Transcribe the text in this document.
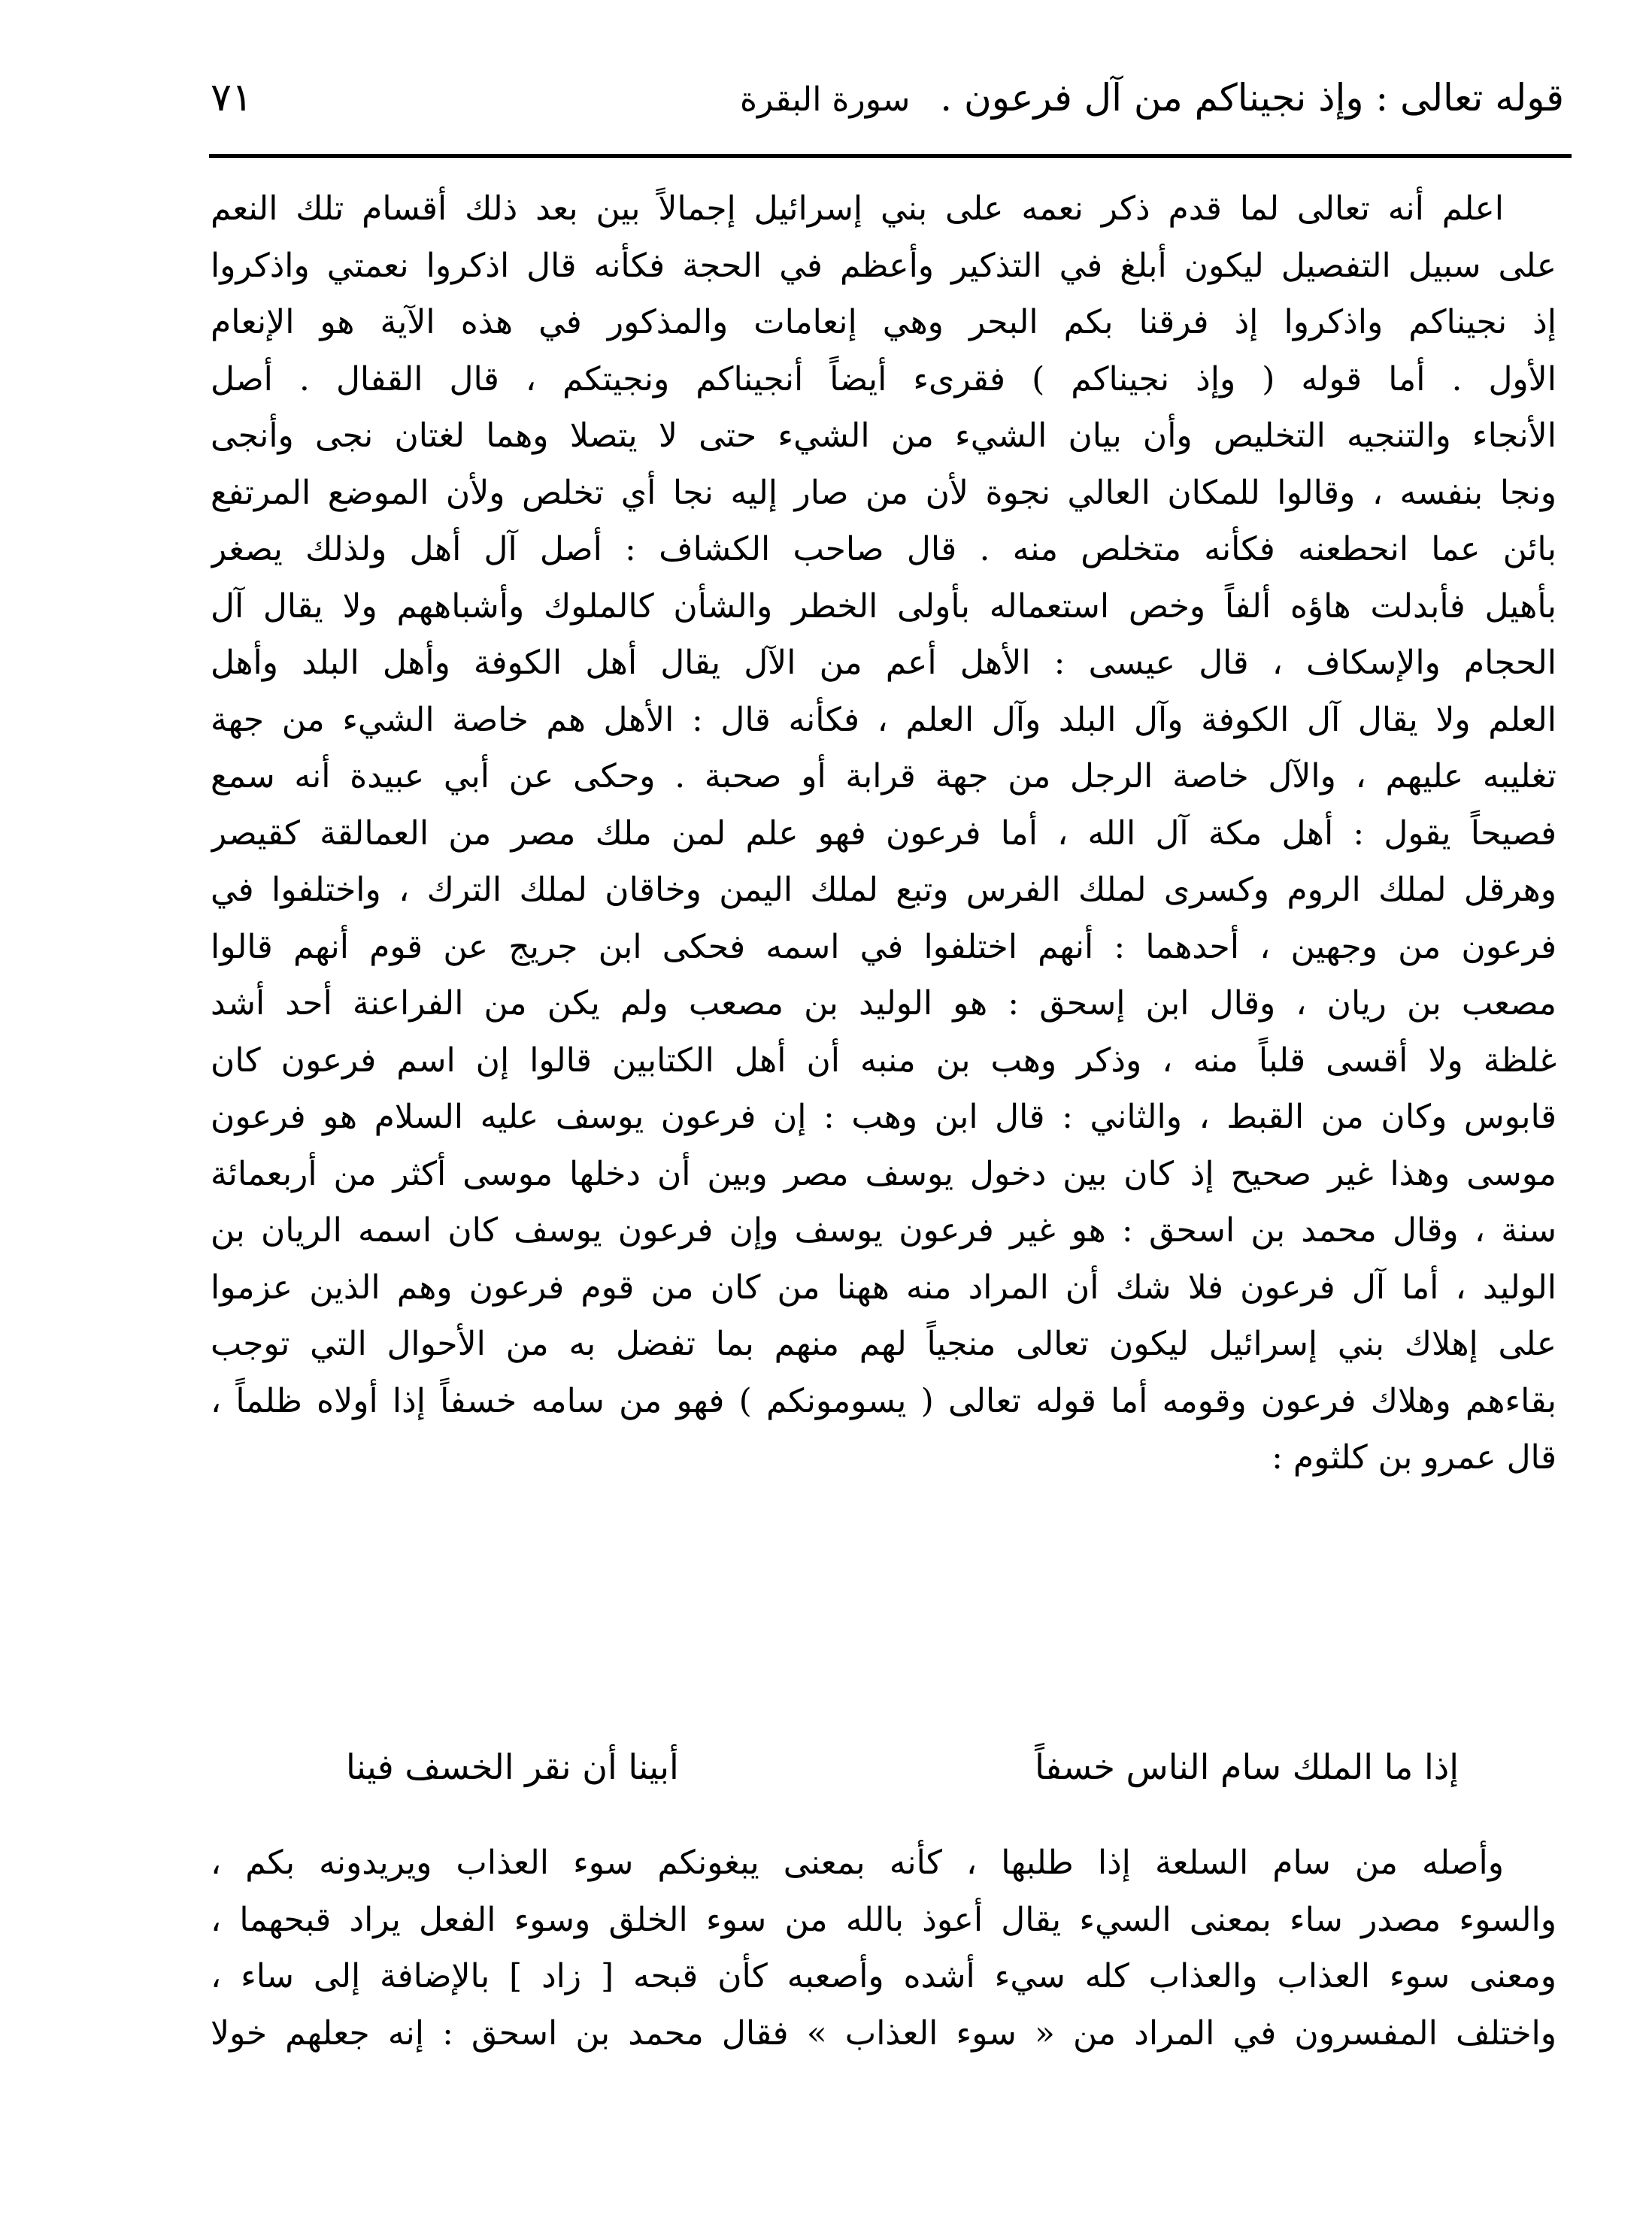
قوله تعالى : وإذ نجيناكم من آل فرعون . سورة البقرة
٧١
اعلم أنه تعالى لما قدم ذكر نعمه على بني إسرائيل إجمالاً بين بعد ذلك أقسام تلك النعم
على سبيل التفصيل ليكون أبلغ في التذكير وأعظم في الحجة فكأنه قال اذكروا نعمتي واذكروا
إذ نجيناكم واذكروا إذ فرقنا بكم البحر وهي إنعامات والمذكور في هذه الآية هو الإنعام
الأول . أما قوله ( وإذ نجيناكم ) فقرىء أيضاً أنجيناكم ونجيتكم ، قال القفال . أصل
الأنجاء والتنجيه التخليص وأن بيان الشيء من الشيء حتى لا يتصلا وهما لغتان نجى وأنجى
ونجا بنفسه ، وقالوا للمكان العالي نجوة لأن من صار إليه نجا أي تخلص ولأن الموضع المرتفع
بائن عما انحطعنه فكأنه متخلص منه . قال صاحب الكشاف : أصل آل أهل ولذلك يصغر
بأهيل فأبدلت هاؤه ألفاً وخص استعماله بأولى الخطر والشأن كالملوك وأشباههم ولا يقال آل
الحجام والإسكاف ، قال عيسى : الأهل أعم من الآل يقال أهل الكوفة وأهل البلد وأهل
العلم ولا يقال آل الكوفة وآل البلد وآل العلم ، فكأنه قال : الأهل هم خاصة الشيء من جهة
تغليبه عليهم ، والآل خاصة الرجل من جهة قرابة أو صحبة . وحكى عن أبي عبيدة أنه سمع
فصيحاً يقول : أهل مكة آل الله ، أما فرعون فهو علم لمن ملك مصر من العمالقة كقيصر
وهرقل لملك الروم وكسرى لملك الفرس وتبع لملك اليمن وخاقان لملك الترك ، واختلفوا في
فرعون من وجهين ، أحدهما : أنهم اختلفوا في اسمه فحكى ابن جريج عن قوم أنهم قالوا
مصعب بن ريان ، وقال ابن إسحق : هو الوليد بن مصعب ولم يكن من الفراعنة أحد أشد
غلظة ولا أقسى قلباً منه ، وذكر وهب بن منبه أن أهل الكتابين قالوا إن اسم فرعون كان
قابوس وكان من القبط ، والثاني : قال ابن وهب : إن فرعون يوسف عليه السلام هو فرعون
موسى وهذا غير صحيح إذ كان بين دخول يوسف مصر وبين أن دخلها موسى أكثر من أربعمائة
سنة ، وقال محمد بن اسحق : هو غير فرعون يوسف وإن فرعون يوسف كان اسمه الريان بن
الوليد ، أما آل فرعون فلا شك أن المراد منه ههنا من كان من قوم فرعون وهم الذين عزموا
على إهلاك بني إسرائيل ليكون تعالى منجياً لهم منهم بما تفضل به من الأحوال التي توجب
بقاءهم وهلاك فرعون وقومه أما قوله تعالى ( يسومونكم ) فهو من سامه خسفاً إذا أولاه ظلماً ،
قال عمرو بن كلثوم :
إذا ما الملك سام الناس خسفاً
أبينا أن نقر الخسف فينا
وأصله من سام السلعة إذا طلبها ، كأنه بمعنى يبغونكم سوء العذاب ويريدونه بكم ،
والسوء مصدر ساء بمعنى السيء يقال أعوذ بالله من سوء الخلق وسوء الفعل يراد قبحهما ،
ومعنى سوء العذاب والعذاب كله سيء أشده وأصعبه كأن قبحه [ زاد ] بالإضافة إلى ساء ،
واختلف المفسرون في المراد من « سوء العذاب » فقال محمد بن اسحق : إنه جعلهم خولا
